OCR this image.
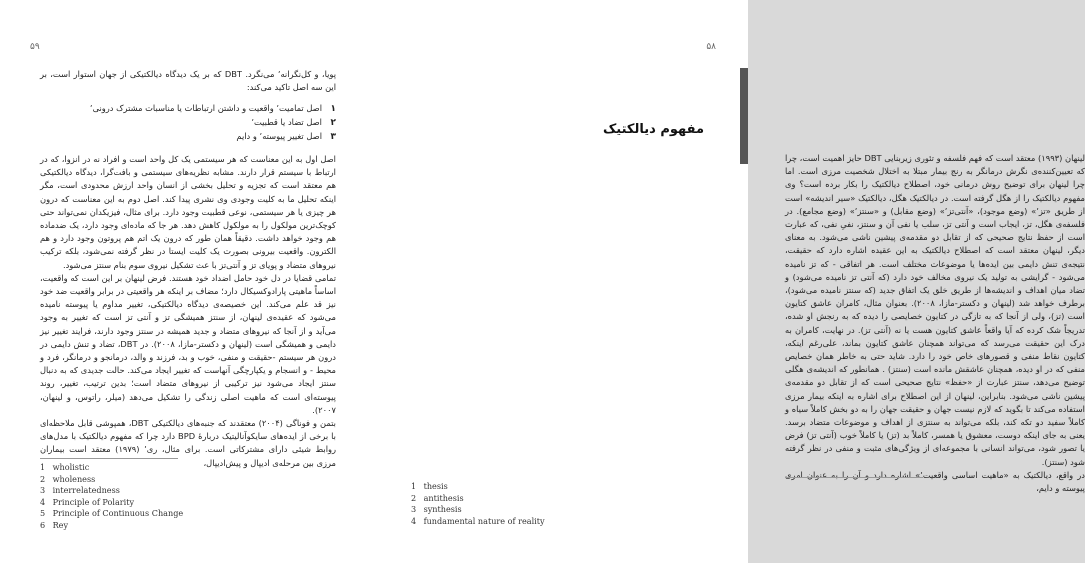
۵۹
پویا، و کل‌نگرانه٬ می‌نگرد. DBT که بر یک دیدگاه دیالکتیکی از جهان استوار است، بر این سه اصل تاکید می‌کند:
۱اصل تمامیت٬ واقعیت و داشتن ارتباطات یا مناسبات مشترک درونی٬
۲اصل تضاد یا قطبیت٬
۳اصل تغییر پیوسته٬ و دایم

اصل اول به این معناست که هر سیستمی یک کل واحد است و افراد نه در انزوا، که در ارتباط با سیستم قرار دارند. مشابه نظریه‌های سیستمی و بافت‌گرا، دیدگاه دیالکتیکی هم معتقد است که تجزیه و تحلیل بخشی از انسان واحد ارزش محدودی است، مگر اینکه تحلیل ما به کلیت وجودی وی نشری پیدا کند. اصل دوم به این معناست که درون هر چیزی یا هر سیستمی، نوعی قطبیت وجود دارد. برای مثال، فیزیکدان نمی‌تواند حتی کوچک‌ترین مولکول را به مولکول کاهش دهد. هر جا که ماده‌ای وجود دارد، یک ضدماده هم وجود خواهد داشت. دقیقاً همان طور که درون یک اتم هم پروتون وجود دارد و هم الکترون. واقعیت بیرونی بصورت یک کلیت ایستا در نظر گرفته نمی‌شود، بلکه ترکیب نیروهای متضاد و پویای تز و آنتی‌تز با عث تشکیل نیروی سوم بنام سنتز می‌شود.

تمامی قضایا در دل خود حامل اضداد خود هستند. فرض لینهان بر این است که واقعیت، اساساً ماهیتی پارادوکسیکال دارد؛ مضاف بر اینکه هر واقعیتی در برابر واقعیت ضد خود نیز قد علم می‌کند. این خصیصه‌ی دیدگاه دیالکتیکی، تغییر مداوم یا پیوسته نامیده می‌شود که عقیده‌ی لینهان، از سنتز همیشگی تز و آنتی تز است که تغییر به وجود می‌آید و از آنجا که نیروهای متضاد و جدید همیشه در سنتز وجود دارند، فرایند تغییر نیز دایمی و همیشگی است (لینهان و دکستر-مازا، ۲۰۰۸). در DBT، تضاد و تنش دایمی در درون هر سیستم -حقیقت و منفی، خوب و بد، فرزند و والد، درمانجو و درمانگر، فرد و محیط - و انسجام و یکپارچگی آنهاست که تغییر ایجاد می‌کند. حالت جدیدی که به دنبال سنتز ایجاد می‌شود نیز ترکیبی از نیروهای متضاد است؛ بدین ترتیب، تغییر، روند پیوسته‌ای است که ماهیت اصلی زندگی را تشکیل می‌دهد (میلر، راتوس، و لینهان، ۲۰۰۷).

بتمن و فوناگی (۲۰۰۴) معتقدند که جنبه‌های دیالکتیکی DBT، همپوشی قابل ملاحظه‌ای با برخی از ایده‌های سایکوآنالیتیک دربارهٔ BPD دارد چرا که مفهوم دیالکتیک با مدل‌های روابط شیئی دارای مشترکاتی است. برای مثال، ری٬ (۱۹۷۹) معتقد است بیماران مرزی بین مرحله‌ی ادیپال و پیش‌ادیپال،

1 wholistic
2 wholeness
3 interrelatedness
4 Principle of Polarity
5 Principle of Continuous Change
6 Rey
۵۸
مفهوم دیالکتیک

لینهان (۱۹۹۳) معتقد است که فهم فلسفه و تئوری زیربنایی DBT حایز اهمیت است، چرا که تعیین‌کننده‌ی نگرش درمانگر به رنج بیمار مبتلا به اختلال شخصیت مرزی است. اما چرا لینهان برای توضیح روش درمانی خود، اصطلاح دیالکتیک را بکار برده است؟ وی مفهوم دیالکتیک را از هگل گرفته است. در دیالکتیک هگل، دیالکتیک «سیر اندیشه» است از طریق «تز٬» (وضع موجود)، «آنتی‌تز٬» (وضع مقابل) و «سنتز٬» (وضع مجامع). در فلسفه‌ی هگل، تز، ایجاب است و آنتی تز، سلب یا نفی آن و سنتز، نفیِ نفی، که عبارت است از حفظ نتایج صحیحی که از تقابل دو مقدمه‌ی پیشین ناشی می‌شود. به معنای دیگر، لینهان معتقد است که اصطلاح دیالکتیک به این عقیده اشاره دارد که حقیقت، نتیجه‌ی تنش دایمی بین ایده‌ها یا موضوعات مختلف است. هر اتفاقی - که تز نامیده می‌شود - گرایشی به تولید یک نیروی مخالف خود دارد (که آنتی تز نامیده می‌شود) و تضاد میان اهداف و اندیشه‌ها از طریق خلق یک اتفاق جدید (که سنتز نامیده می‌شود)، برطرف خواهد شد (لینهان و دکستر-مازا، ۲۰۰۸). بعنوان مثال، کامران عاشق کتایون است (تز)، ولی از آنجا که به تازگی در کتایون خصایصی را دیده که به رنجش او شده، تدریجاً شک کرده که آیا واقعاً عاشق کتایون هست یا نه (آنتی تز). در نهایت، کامران به درک این حقیقت می‌رسد که می‌تواند همچنان عاشق کتایون بماند، علی‌رغم اینکه، کتایون نقاط منفی و قصورهای خاص خود را دارد. شاید حتی به خاطر همان خصایص منفی که در او دیده، همچنان عاشقش مانده است (سنتز) . همانطور که اندیشه‌ی هگلی توضیح می‌دهد، سنتز عبارت از «حفظ» نتایج صحیحی است که از تقابل دو مقدمه‌ی پیشین ناشی می‌شود. بنابراین، لینهان از این اصطلاح برای اشاره به اینکه بیمار مرزی استفاده می‌کند تا بگوید که لازم نیست جهان و حقیقت جهان را به دو بخش کاملاً سیاه و کاملاً سفید دو تکه کند، بلکه می‌تواند به سنتزی از اهداف و موضوعات متضاد برسد. یعنی به جای اینکه دوست، معشوق یا همسر، کاملاً بد (تز) یا کاملاً خوب (آنتی تز) فرض یا تصور شود، می‌تواند انسانی با مجموعه‌ای از ویژگی‌های مثبت و منفی در نظر گرفته شود (سنتز).

در واقع، دیالکتیک به «ماهیت اساسی واقعیت٬» اشاره دارد و آن را به عنوان امری پیوسته و دایم،

1 thesis
2 antithesis
3 synthesis
4 fundamental nature of reality
